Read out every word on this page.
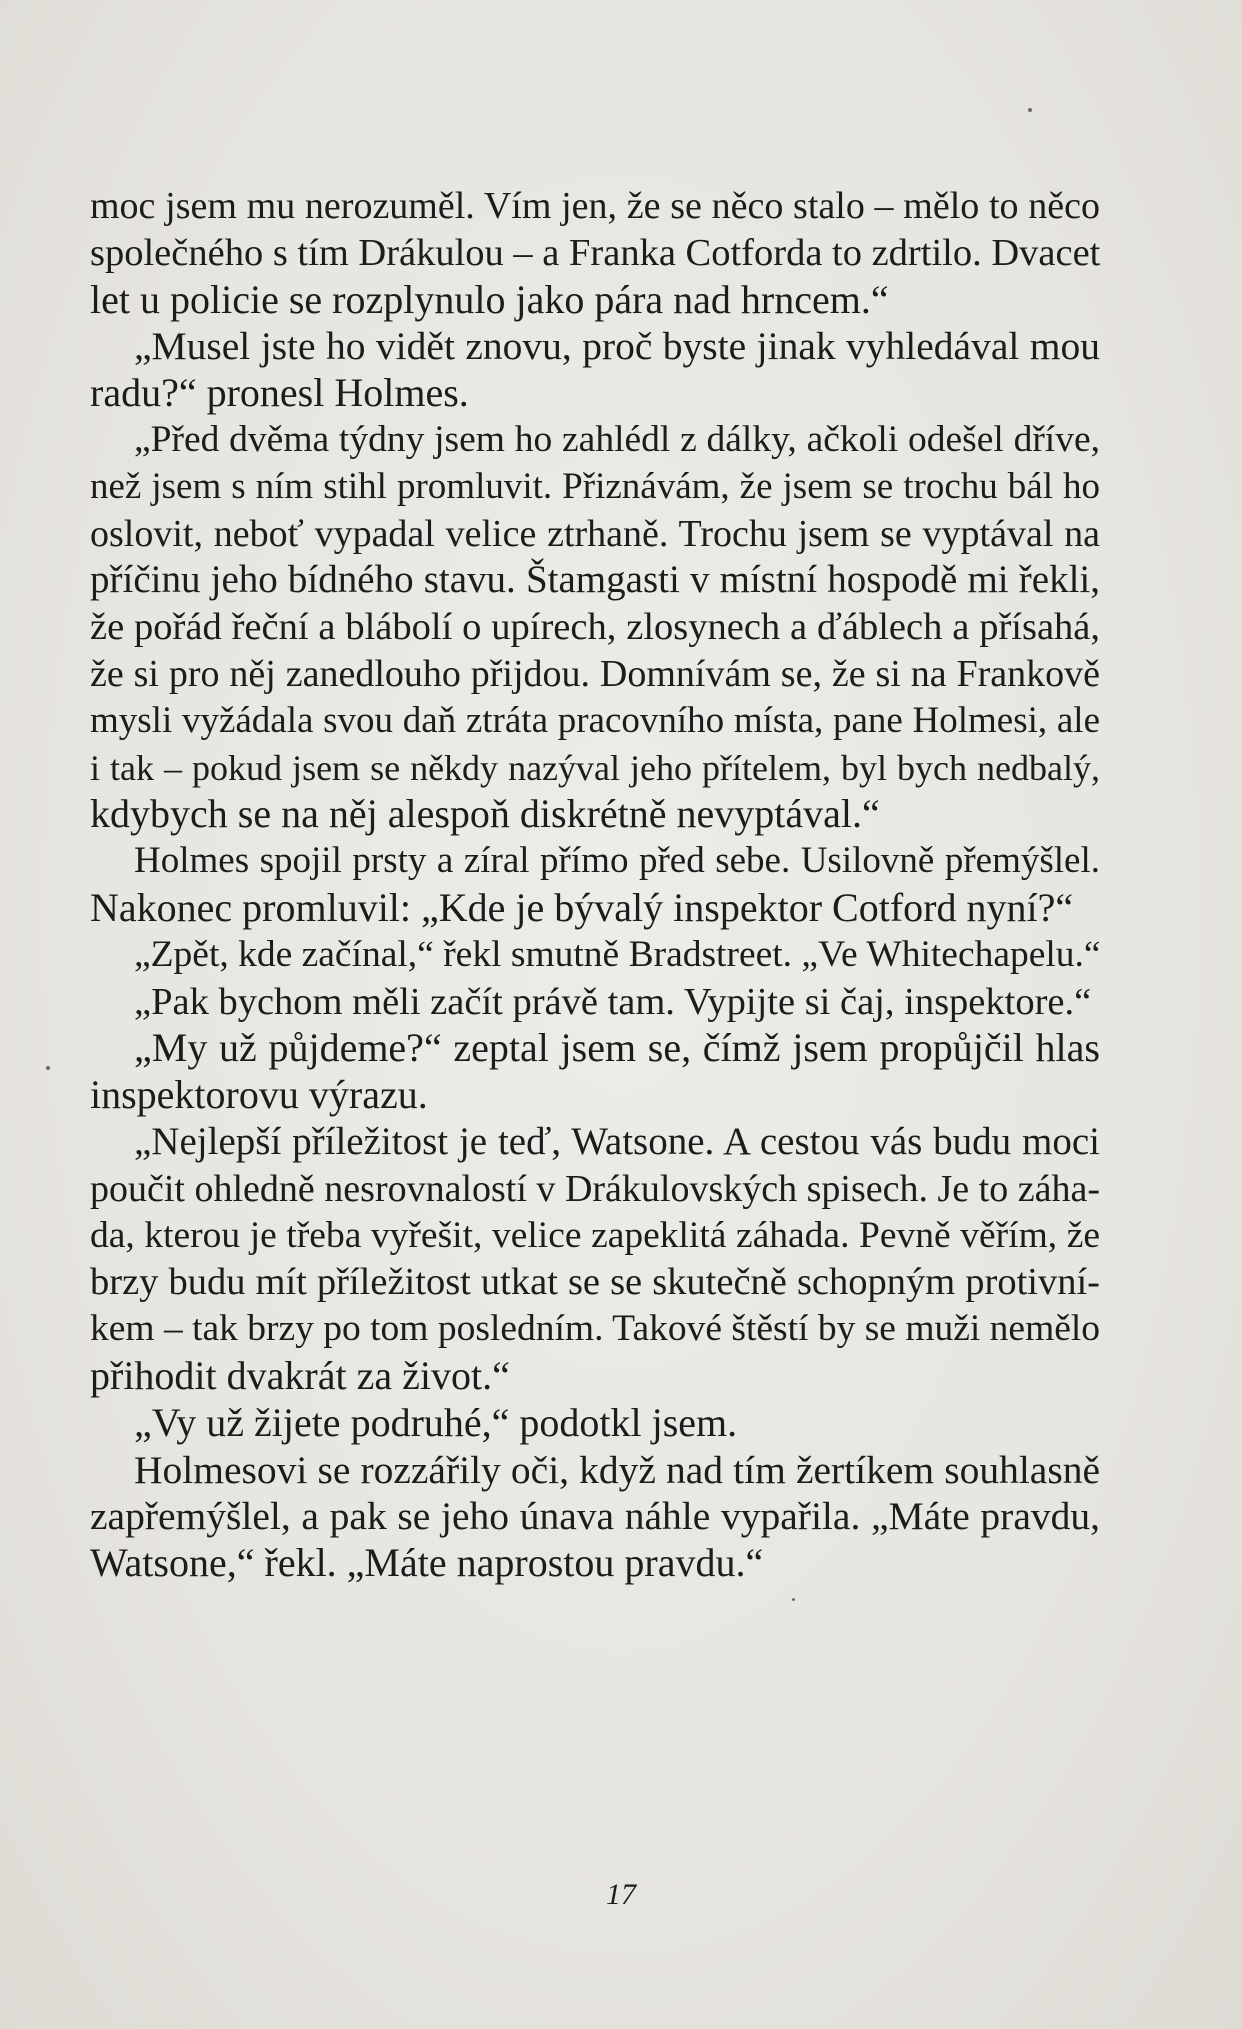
moc jsem mu nerozuměl. Vím jen, že se něco stalo – mělo to něco
společného s tím Drákulou – a Franka Cotforda to zdrtilo. Dvacet
let u policie se rozplynulo jako pára nad hrncem.“
„Musel jste ho vidět znovu, proč byste jinak vyhledával mou
radu?“ pronesl Holmes.
„Před dvěma týdny jsem ho zahlédl z dálky, ačkoli odešel dříve,
než jsem s ním stihl promluvit. Přiznávám, že jsem se trochu bál ho
oslovit, neboť vypadal velice ztrhaně. Trochu jsem se vyptával na
příčinu jeho bídného stavu. Štamgasti v místní hospodě mi řekli,
že pořád řeční a blábolí o upírech, zlosynech a ďáblech a přísahá,
že si pro něj zanedlouho přijdou. Domnívám se, že si na Frankově
mysli vyžádala svou daň ztráta pracovního místa, pane Holmesi, ale
i tak – pokud jsem se někdy nazýval jeho přítelem, byl bych nedbalý,
kdybych se na něj alespoň diskrétně nevyptával.“
Holmes spojil prsty a zíral přímo před sebe. Usilovně přemýšlel.
Nakonec promluvil: „Kde je bývalý inspektor Cotford nyní?“
„Zpět, kde začínal,“ řekl smutně Bradstreet. „Ve Whitechapelu.“
„Pak bychom měli začít právě tam. Vypijte si čaj, inspektore.“
„My už půjdeme?“ zeptal jsem se, čímž jsem propůjčil hlas
inspektorovu výrazu.
„Nejlepší příležitost je teď, Watsone. A cestou vás budu moci
poučit ohledně nesrovnalostí v Drákulovských spisech. Je to záha-
da, kterou je třeba vyřešit, velice zapeklitá záhada. Pevně věřím, že
brzy budu mít příležitost utkat se se skutečně schopným protivní-
kem – tak brzy po tom posledním. Takové štěstí by se muži nemělo
přihodit dvakrát za život.“
„Vy už žijete podruhé,“ podotkl jsem.
Holmesovi se rozzářily oči, když nad tím žertíkem souhlasně
zapřemýšlel, a pak se jeho únava náhle vypařila. „Máte pravdu,
Watsone,“ řekl. „Máte naprostou pravdu.“
17
